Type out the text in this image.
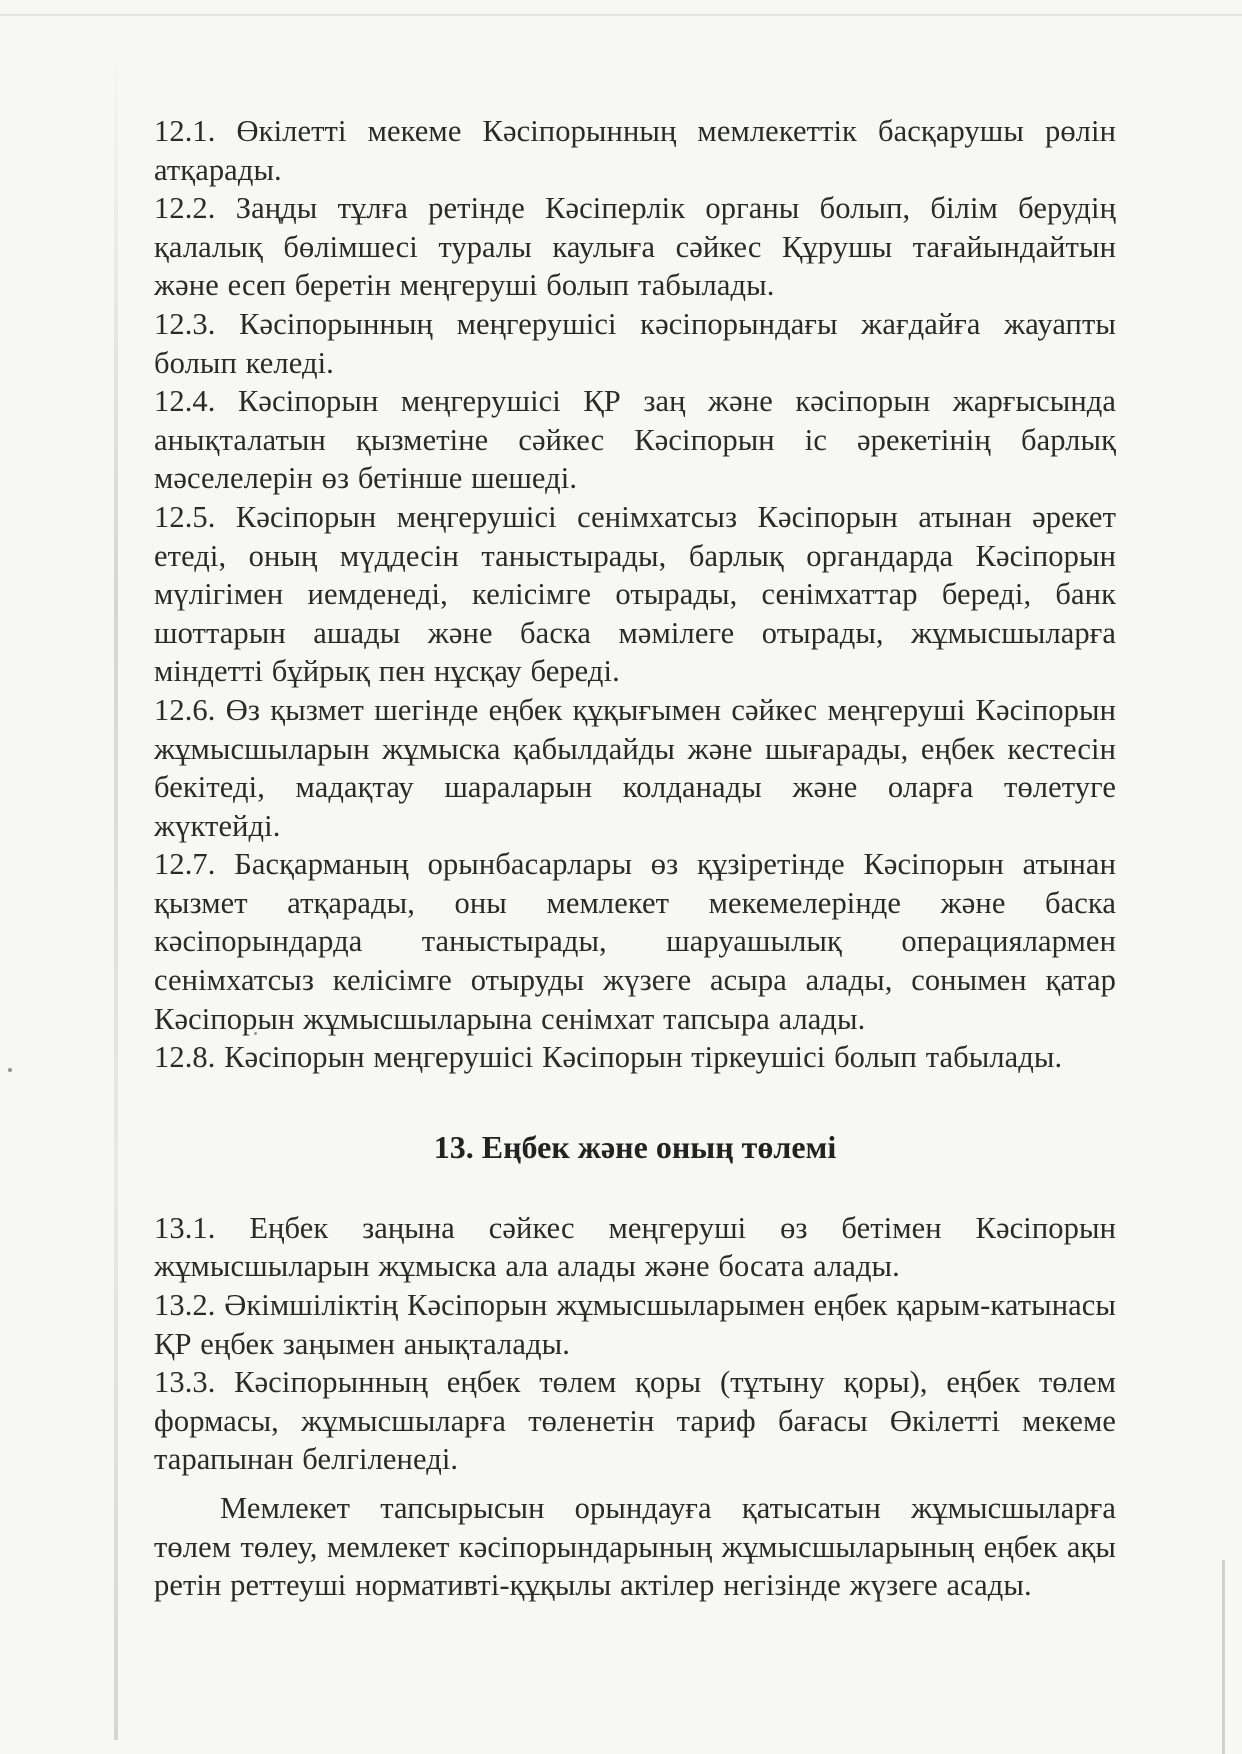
12.1. Өкілетті мекеме Кәсіпорынның мемлекеттік басқарушы рөлін атқарады.

12.2. Заңды тұлға ретінде Кәсіперлік органы болып, білім берудің қалалық бөлімшесі туралы каулыға сәйкес Құрушы тағайындайтын және есеп беретін меңгеруші болып табылады.

12.3. Кәсіпорынның меңгерушісі кәсіпорындағы жағдайға жауапты болып келеді.

12.4. Кәсіпорын меңгерушісі ҚР заң және кәсіпорын жарғысында анықталатын қызметіне сәйкес Кәсіпорын іс әрекетінің барлық мәселелерін өз бетінше шешеді.

12.5. Кәсіпорын меңгерушісі сенімхатсыз Кәсіпорын атынан әрекет етеді, оның мүддесін таныстырады, барлық органдарда Кәсіпорын мүлігімен иемденеді, келісімге отырады, сенімхаттар береді, банк шоттарын ашады және баска мәмілеге отырады, жұмысшыларға міндетті бұйрық пен нұсқау береді.

12.6. Өз қызмет шегінде еңбек құқығымен сәйкес меңгеруші Кәсіпорын жұмысшыларын жұмыска қабылдайды және шығарады, еңбек кестесін бекітеді, мадақтау шараларын колданады және оларға төлетуге жүктейді.

12.7. Басқарманың орынбасарлары өз құзіретінде Кәсіпорын атынан қызмет атқарады, оны мемлекет мекемелерінде және баска кәсіпорындарда таныстырады, шаруашылық операциялармен сенімхатсыз келісімге отыруды жүзеге асыра алады, сонымен қатар Кәсіпорын жұмысшыларына сенімхат тапсыра алады.

12.8. Кәсіпорын меңгерушісі Кәсіпорын тіркеушісі болып табылады.

13. Еңбек және оның төлемі

13.1. Еңбек заңына сәйкес меңгеруші өз бетімен Кәсіпорын жұмысшыларын жұмыска ала алады және босата алады.

13.2. Әкімшіліктің Кәсіпорын жұмысшыларымен еңбек қарым-катынасы ҚР еңбек заңымен анықталады.

13.3. Кәсіпорынның еңбек төлем қоры (тұтыну қоры), еңбек төлем формасы, жұмысшыларға төленетін тариф бағасы Өкілетті мекеме тарапынан белгіленеді.

Мемлекет тапсырысын орындауға қатысатын жұмысшыларға төлем төлеу, мемлекет кәсіпорындарының жұмысшыларының еңбек ақы ретін реттеуші нормативті-құқылы актілер негізінде жүзеге асады.
